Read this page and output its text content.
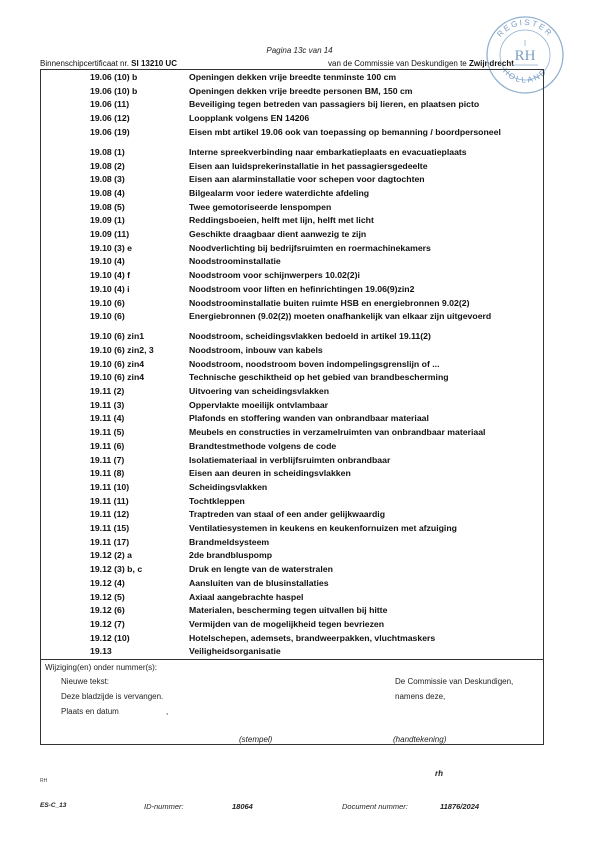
Pagina 13c van 14
Binnenschipcertificaat nr. SI 13210 UC	van de Commissie van Deskundigen te Zwijndrecht
REGISTER
HOLLAND
RH
19.06 (10) b	Openingen dekken vrije breedte tenminste 100 cm
19.06 (10) b	Openingen dekken vrije breedte personen BM, 150 cm
19.06 (11)	Beveiliging tegen betreden van passagiers bij lieren, en plaatsen picto
19.06 (12)	Loopplank volgens EN 14206
19.06 (19)	Eisen mbt artikel 19.06 ook van toepassing op bemanning / boordpersoneel
19.08 (1)	Interne spreekverbinding naar embarkatieplaats en evacuatieplaats
19.08 (2)	Eisen aan luidsprekerinstallatie in het passagiersgedeelte
19.08 (3)	Eisen aan alarminstallatie voor schepen voor dagtochten
19.08 (4)	Bilgealarm voor iedere waterdichte afdeling
19.08 (5)	Twee gemotoriseerde lenspompen
19.09 (1)	Reddingsboeien, helft met lijn, helft met licht
19.09 (11)	Geschikte draagbaar dient aanwezig te zijn
19.10 (3) e	Noodverlichting bij bedrijfsruimten en roermachinekamers
19.10 (4)	Noodstroominstallatie
19.10 (4) f	Noodstroom voor schijnwerpers 10.02(2)i
19.10 (4) i	Noodstroom voor liften en hefinrichtingen 19.06(9)zin2
19.10 (6)	Noodstroominstallatie buiten ruimte HSB en energiebronnen 9.02(2)
19.10 (6)	Energiebronnen (9.02(2)) moeten onafhankelijk van elkaar zijn uitgevoerd
19.10 (6) zin1	Noodstroom, scheidingsvlakken bedoeld in artikel 19.11(2)
19.10 (6) zin2, 3	Noodstroom, inbouw van kabels
19.10 (6) zin4	Noodstroom, noodstroom boven indompelingsgrenslijn of ...
19.10 (6) zin4	Technische geschiktheid op het gebied van brandbescherming
19.11 (2)	Uitvoering van scheidingsvlakken
19.11 (3)	Oppervlakte moeilijk ontvlambaar
19.11 (4)	Plafonds en stoffering wanden van onbrandbaar materiaal
19.11 (5)	Meubels en constructies in verzamelruimten van onbrandbaar materiaal
19.11 (6)	Brandtestmethode volgens de code
19.11 (7)	Isolatiemateriaal in verblijfsruimten onbrandbaar
19.11 (8)	Eisen aan deuren in scheidingsvlakken
19.11 (10)	Scheidingsvlakken
19.11 (11)	Tochtkleppen
19.11 (12)	Traptreden van staal of een ander gelijkwaardig
19.11 (15)	Ventilatiesystemen in keukens en keukenfornuizen met afzuiging
19.11 (17)	Brandmeldsysteem
19.12 (2) a	2de brandbluspomp
19.12 (3) b, c	Druk en lengte van de waterstralen
19.12 (4)	Aansluiten van de blusinstallaties
19.12 (5)	Axiaal aangebrachte haspel
19.12 (6)	Materialen, bescherming tegen uitvallen bij hitte
19.12 (7)	Vermijden van de mogelijkheid tegen bevriezen
19.12 (10)	Hotelschepen, ademsets, brandweerpakken, vluchtmaskers
19.13	Veiligheidsorganisatie
Wijziging(en) onder nummer(s):
Nieuwe tekst:
Deze bladzijde is vervangen.
Plaats en datum	,
De Commissie van Deskundigen,
namens deze,
(stempel)	(handtekening)
rh
RH
ES-C_13	ID-nummer:	18064	Document nummer:	11876/2024
